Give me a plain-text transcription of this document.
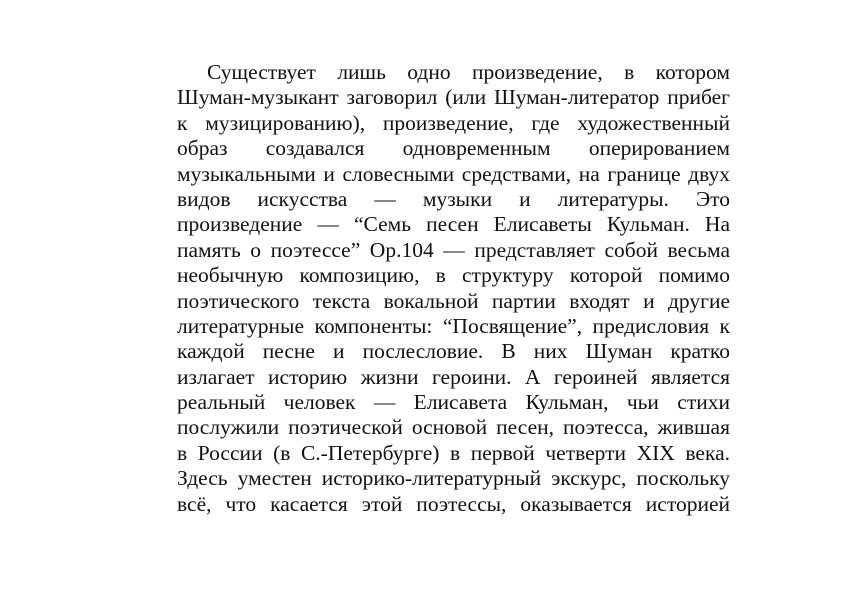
Существует лишь одно произведение, в котором
Шуман-музыкант заговорил (или Шуман-литератор прибег
к музицированию), произведение, где художественный
образ создавался одновременным оперированием
музыкальными и словесными средствами, на границе двух
видов искусства — музыки и литературы. Это
произведение — “Семь песен Елисаветы Кульман. На
память о поэтессе” Op.104 — представляет собой весьма
необычную композицию, в структуру которой помимо
поэтического текста вокальной партии входят и другие
литературные компоненты: “Посвящение”, предисловия к
каждой песне и послесловие. В них Шуман кратко
излагает историю жизни героини. А героиней является
реальный человек — Елисавета Кульман, чьи стихи
послужили поэтической основой песен, поэтесса, жившая
в России (в С.-Петербурге) в первой четверти XIX века.
Здесь уместен историко-литературный экскурс, поскольку
всё, что касается этой поэтессы, оказывается историей
